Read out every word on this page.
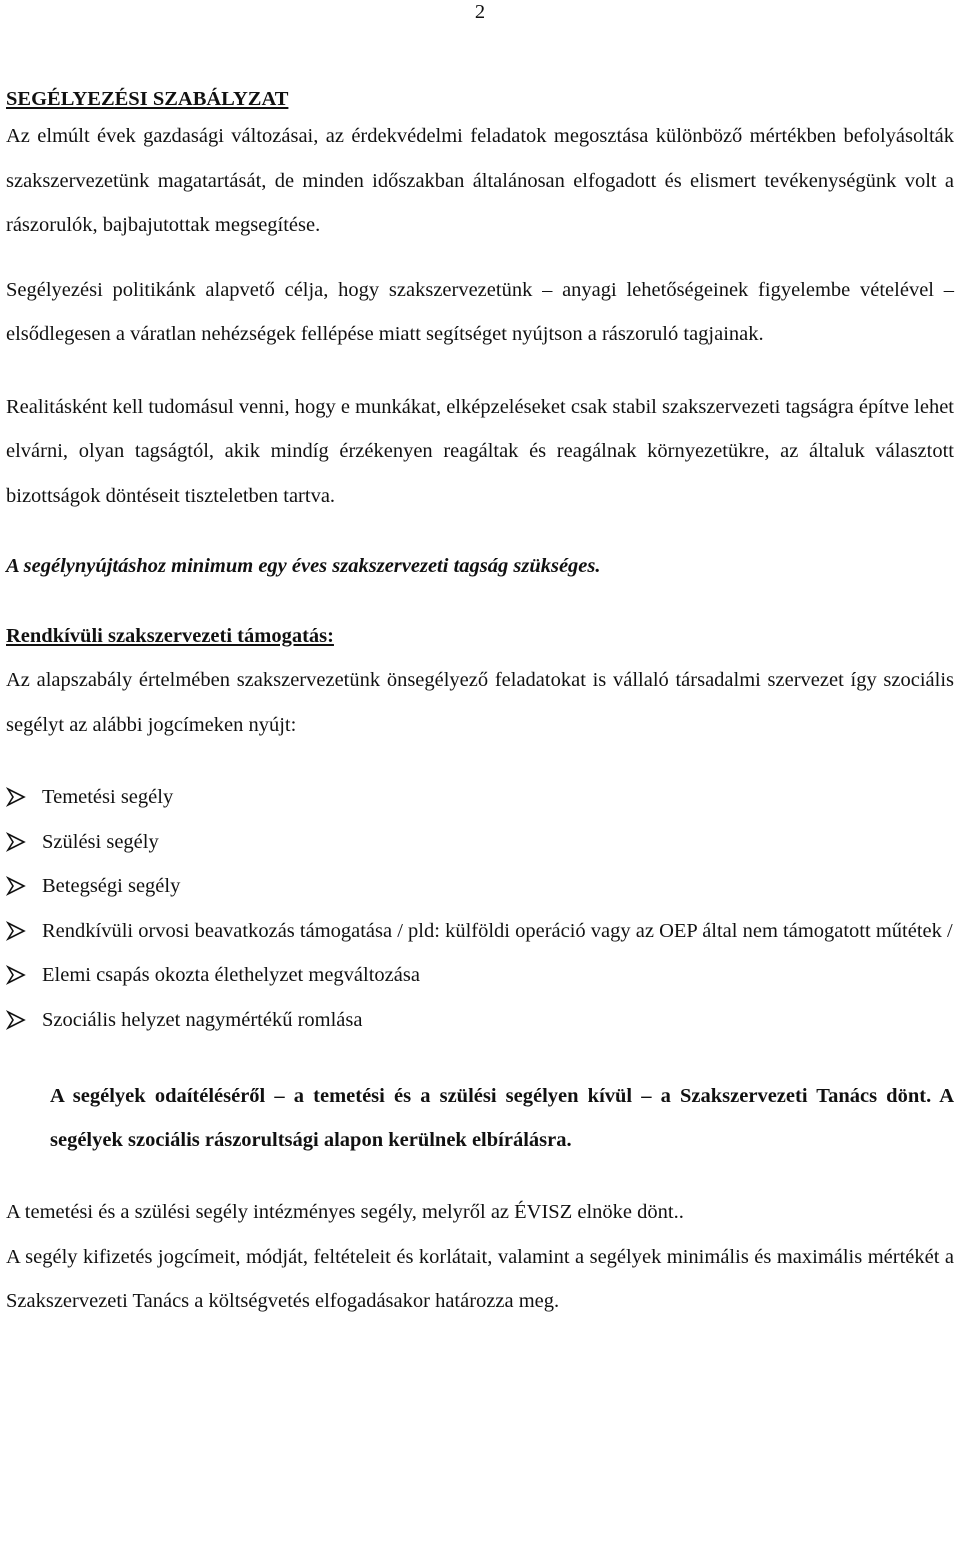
2

SEGÉLYEZÉSI SZABÁLYZAT

Az elmúlt évek gazdasági változásai, az érdekvédelmi feladatok megosztása különböző mértékben befolyásolták szakszervezetünk magatartását, de minden időszakban általánosan elfogadott és elismert tevékenységünk volt a rászorulók, bajbajutottak megsegítése.

Segélyezési politikánk alapvető célja, hogy szakszervezetünk – anyagi lehetőségeinek figyelembe vételével – elsődlegesen a váratlan nehézségek fellépése miatt segítséget nyújtson a rászoruló tagjainak.

Realitásként kell tudomásul venni, hogy e munkákat, elképzeléseket csak stabil szakszervezeti tagságra építve lehet elvárni, olyan tagságtól, akik mindíg érzékenyen reagáltak és reagálnak környezetükre, az általuk választott bizottságok döntéseit tiszteletben tartva.

A segélynyújtáshoz minimum egy éves szakszervezeti tagság szükséges.

Rendkívüli szakszervezeti támogatás:

Az alapszabály értelmében szakszervezetünk önsegélyező feladatokat is vállaló társadalmi szervezet így szociális segélyt az alábbi jogcímeken nyújt:

Temetési segély
Szülési segély
Betegségi segély
Rendkívüli orvosi beavatkozás támogatása / pld: külföldi operáció vagy az OEP által nem támogatott műtétek /
Elemi csapás okozta élethelyzet megváltozása
Szociális helyzet nagymértékű romlása

A segélyek odaítéléséről – a temetési és a szülési segélyen kívül – a Szakszervezeti Tanács dönt. A segélyek szociális rászorultsági alapon kerülnek elbírálásra.

A temetési és a szülési segély intézményes segély, melyről az ÉVISZ elnöke dönt..

A segély kifizetés jogcímeit, módját, feltételeit és korlátait, valamint a segélyek minimális és maximális mértékét a Szakszervezeti Tanács a költségvetés elfogadásakor határozza meg.
